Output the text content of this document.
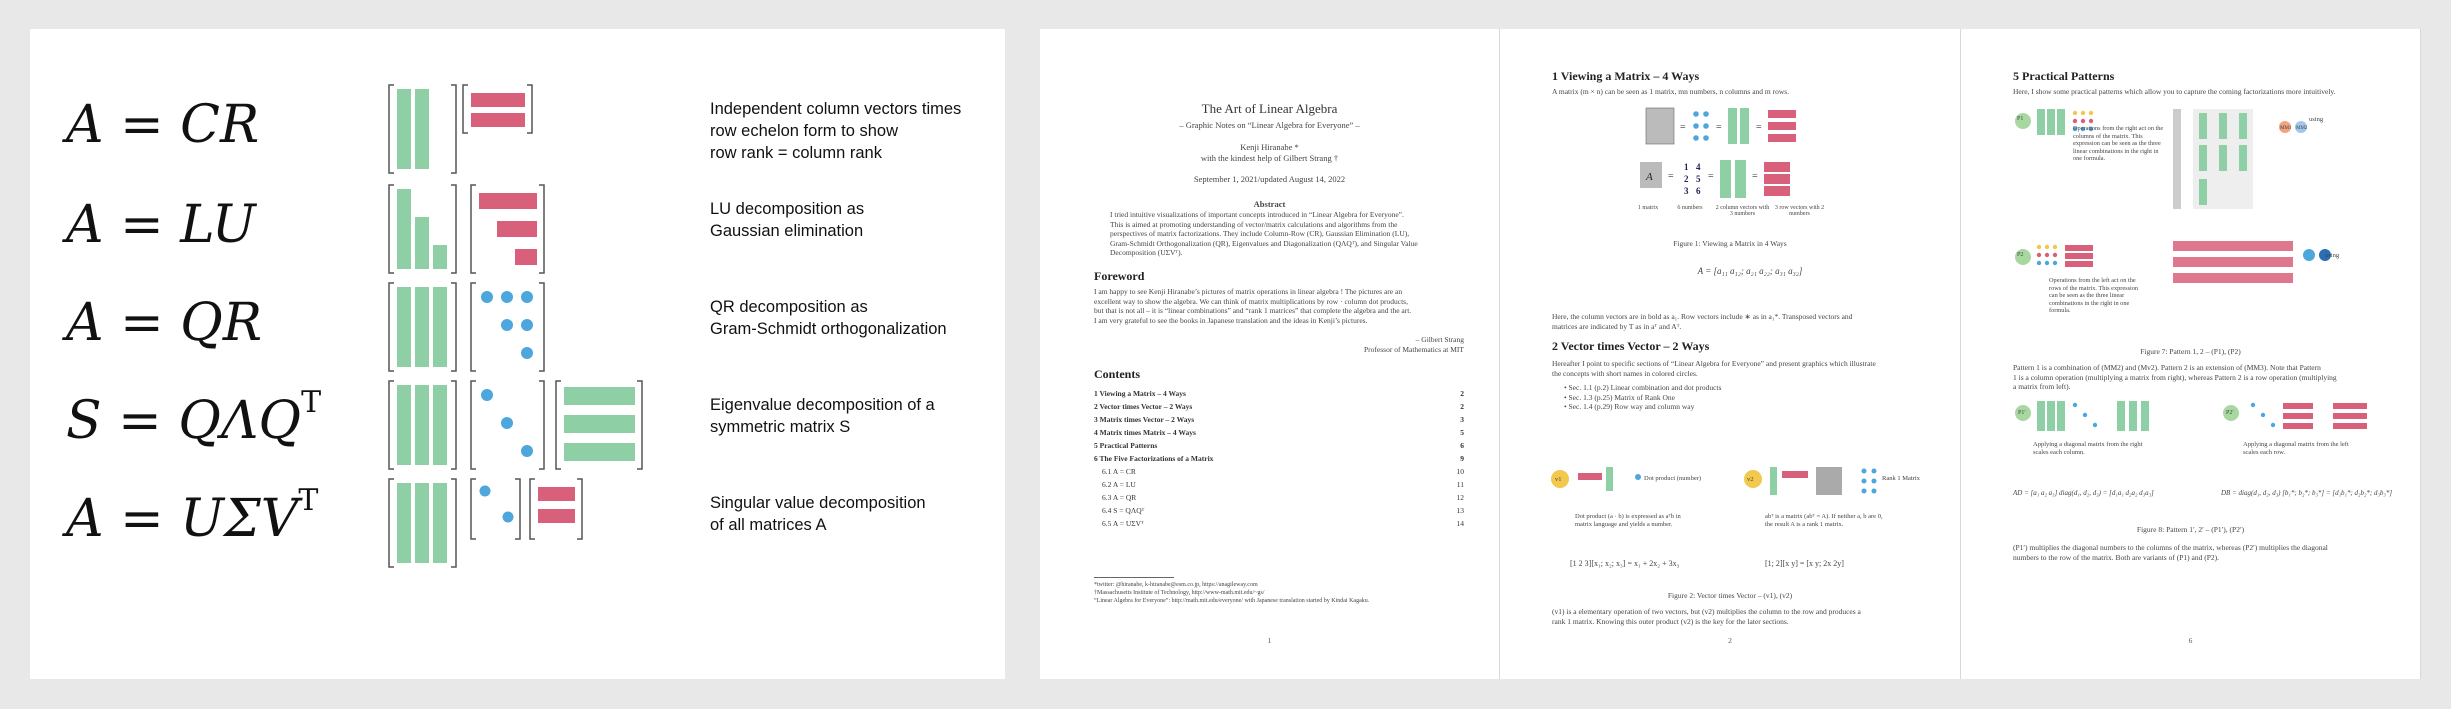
A = CR	Independent column vectors times
row echelon form to show
row rank = column rank
A = LU	LU decomposition as
Gaussian elimination
A = QR	QR decomposition as
Gram-Schmidt orthogonalization
$S = Q\Lambda Q^T$	Eigenvalue decomposition of a
symmetric matrix S
$A = U\Sigma V^T$	Singular value decomposition
of all matrices A
The Art of Linear Algebra
– Graphic Notes on “Linear Algebra for Everyone” –
Kenji Hiranabe *
with the kindest help of Gilbert Strang †
September 1, 2021/updated August 14, 2022
Abstract
I tried intuitive visualizations of important concepts introduced in “Linear Algebra for Everyone”.
This is aimed at promoting understanding of vector/matrix calculations and algorithms from the
perspectives of matrix factorizations. They include Column-Row (CR), Gaussian Elimination (LU),
Gram-Schmidt Orthogonalization (QR), Eigenvalues and Diagonalization (QΛQᵀ), and Singular Value
Decomposition (UΣVᵀ).
Foreword
I am happy to see Kenji Hiranabe’s pictures of matrix operations in linear algebra ! The pictures are an
excellent way to show the algebra. We can think of matrix multiplications by row · column dot products,
but that is not all – it is “linear combinations” and “rank 1 matrices” that complete the algebra and the art.
I am very grateful to see the books in Japanese translation and the ideas in Kenji’s pictures.
– Gilbert Strang
Professor of Mathematics at MIT
Contents
1 Viewing a Matrix – 4 Ways	2
2 Vector times Vector – 2 Ways	2
3 Matrix times Vector – 2 Ways	3
4 Matrix times Matrix – 4 Ways	5
5 Practical Patterns	6
6 The Five Factorizations of a Matrix	9
6.1 A = CR	10
6.2 A = LU	11
6.3 A = QR	12
6.4 S = QΛQᵀ	13
6.5 A = UΣVᵀ	14
*twitter: @hiranabe, k-hiranabe@esm.co.jp, https://anagileway.com
†Massachusetts Institute of Technology, http://www-math.mit.edu/~gs/
“Linear Algebra for Everyone”: http://math.mit.edu/everyone/ with Japanese translation started by Kindai Kagaku.
1
1 Viewing a Matrix – 4 Ways
A matrix (m × n) can be seen as 1 matrix, mn numbers, n columns and m rows.
=	=	=
A =
1 4
2 5
3 6
=	=
1 matrix	6 numbers	2 column vectors with 3 numbers
3 row vectors with 2 numbers
Figure 1: Viewing a Matrix in 4 Ways
A = [a₁₁ a₁₂; a₂₁ a₂₂; a₃₁ a₃₂]
Here, the column vectors are in bold as a₁. Row vectors include ∗ as in a₁*. Transposed vectors and
matrices are indicated by T as in aᵀ and Aᵀ.
2 Vector times Vector – 2 Ways
Hereafter I point to specific sections of “Linear Algebra for Everyone” and present graphics which illustrate
the concepts with short names in colored circles.
• Sec. 1.1 (p.2) Linear combination and dot products
• Sec. 1.3 (p.25) Matrix of Rank One
• Sec. 1.4 (p.29) Row way and column way
v1	v2
Dot product (number)	Rank 1 Matrix
Dot product (a · b) is expressed as aᵀb in
matrix language and yields a number.
abᵀ is a matrix (abᵀ = A). If neither a, b are 0,
the result A is a rank 1 matrix.
[1 2 3][x₁; x₂; x₃] = x₁ + 2x₂ + 3x₃	[1; 2][x y] = [x y; 2x 2y]
Figure 2: Vector times Vector – (v1), (v2)
(v1) is a elementary operation of two vectors, but (v2) multiplies the column to the row and produces a
rank 1 matrix. Knowing this outer product (v2) is the key for the later sections.
2
5 Practical Patterns
Here, I show some practical patterns which allow you to capture the coming factorizations more intuitively.
Operations from the right act on the
columns of the matrix. This
expression can be seen as the three
linear combinations in the right in
one formula.
Operations from the left act on the
rows of the matrix. This expression
can be seen as the three linear
combinations in the right in one
formula.
P1
P2
using
using
MM1 MM2
Figure 7: Pattern 1, 2 – (P1), (P2)
Pattern 1 is a combination of (MM2) and (Mv2). Pattern 2 is an extension of (MM3). Note that Pattern
1 is a column operation (multiplying a matrix from right), whereas Pattern 2 is a row operation (multiplying
a matrix from left).
P1′	P2′
Applying a diagonal matrix from the right
scales each column.
Applying a diagonal matrix from the left
scales each row.
AD = [a₁ a₂ a₃] diag(d₁, d₂, d₃) = [d₁a₁ d₂a₂ d₃a₃]	DB = diag(d₁, d₂, d₃) [b₁*; b₂*; b₃*] = [d₁b₁*; d₂b₂*; d₃b₃*]
Figure 8: Pattern 1′, 2′ – (P1′), (P2′)
(P1′) multiplies the diagonal numbers to the columns of the matrix, whereas (P2′) multiplies the diagonal
numbers to the row of the matrix. Both are variants of (P1) and (P2).
6
